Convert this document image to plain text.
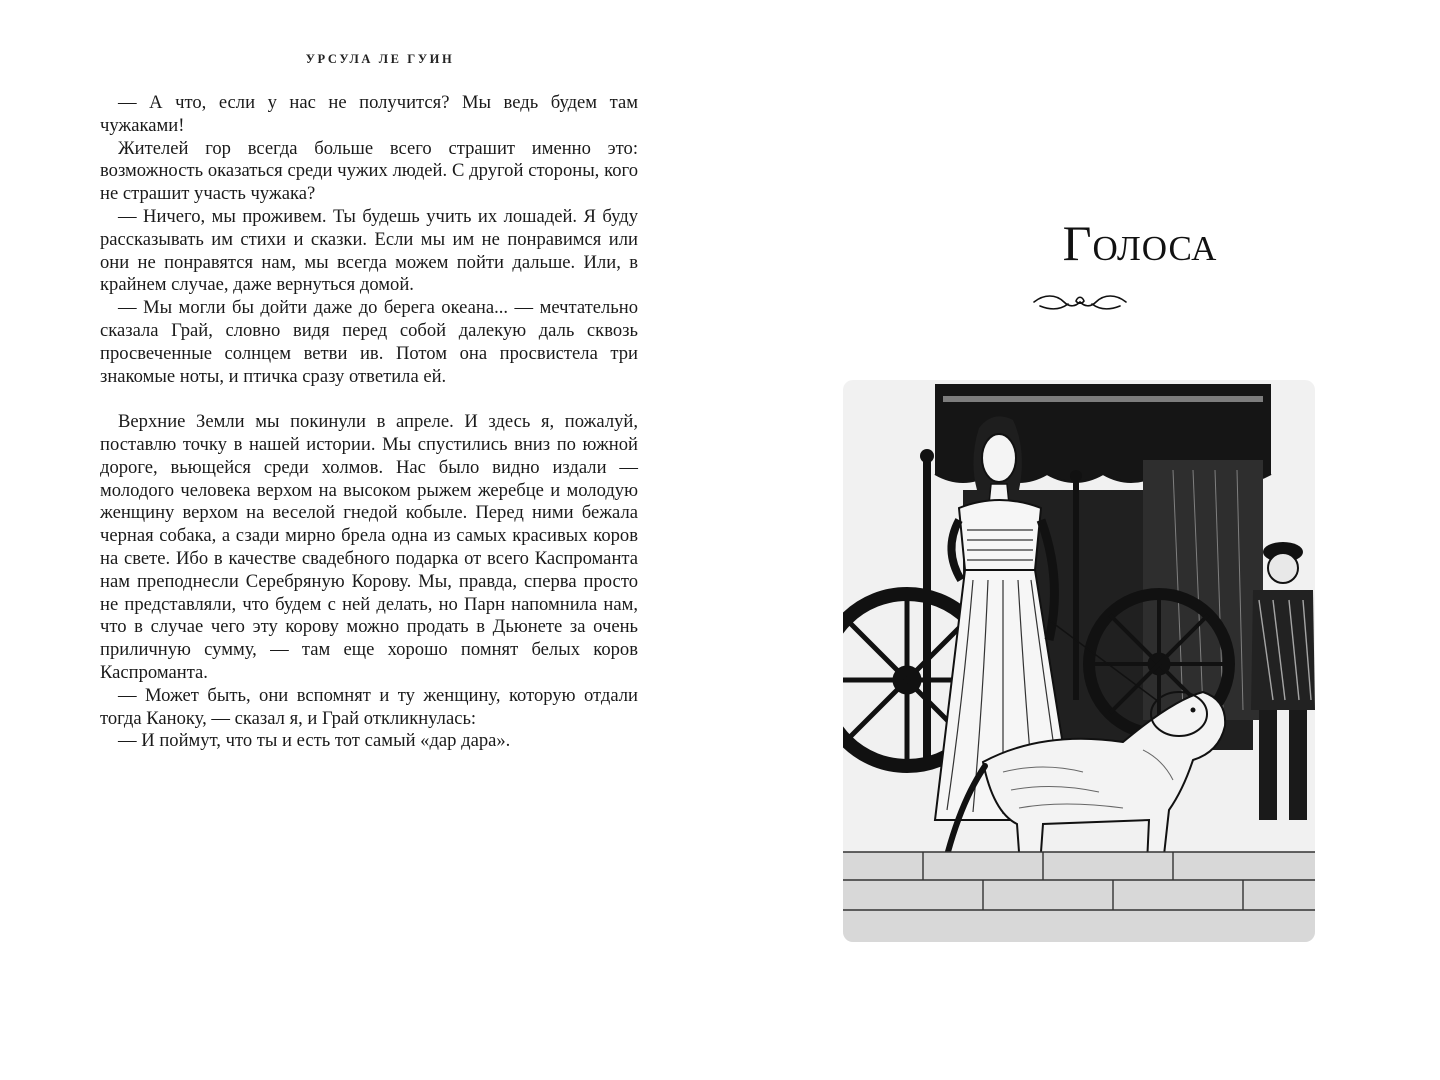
УРСУЛА ЛЕ ГУИН

— А что, если у нас не получится? Мы ведь будем там чужаками!

Жителей гор всегда больше всего страшит именно это: возможность оказаться среди чужих людей. С другой стороны, кого не страшит участь чужака?

— Ничего, мы проживем. Ты будешь учить их лошадей. Я буду рассказывать им стихи и сказки. Если мы им не понравимся или они не понравятся нам, мы всегда можем пойти дальше. Или, в крайнем случае, даже вернуться домой.

— Мы могли бы дойти даже до берега океана... — мечтательно сказала Грай, словно видя перед собой далекую даль сквозь просвеченные солнцем ветви ив. Потом она просвистела три знакомые ноты, и птичка сразу ответила ей.

Верхние Земли мы покинули в апреле. И здесь я, пожалуй, поставлю точку в нашей истории. Мы спустились вниз по южной дороге, вьющейся среди холмов. Нас было видно издали — молодого человека верхом на высоком рыжем жеребце и молодую женщину верхом на веселой гнедой кобыле. Перед ними бежала черная собака, а сзади мирно брела одна из самых красивых коров на свете. Ибо в качестве свадебного подарка от всего Каспроманта нам преподнесли Серебряную Корову. Мы, правда, сперва просто не представляли, что будем с ней делать, но Парн напомнила нам, что в случае чего эту корову можно продать в Дьюнете за очень приличную сумму, — там еще хорошо помнят белых коров Каспроманта.

— Может быть, они вспомнят и ту женщину, которую отдали тогда Каноку, — сказал я, и Грай откликнулась:

— И поймут, что ты и есть тот самый «дар дара».

Голоса
